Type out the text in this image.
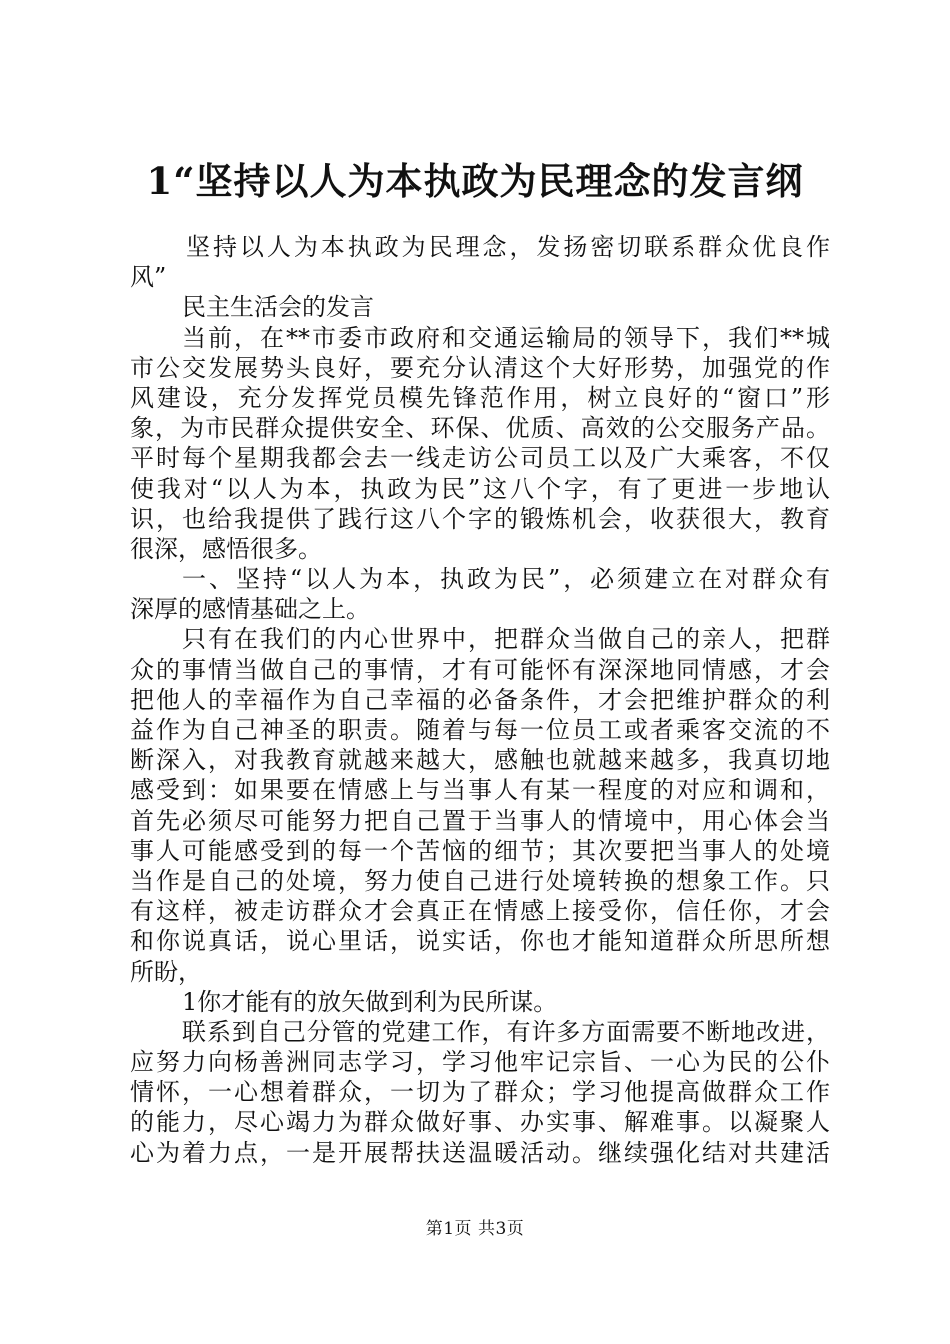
1“坚持以人为本执政为民理念的发言纲
坚持以人为本执政为民理念，发扬密切联系群众优良作
风”
民主生活会的发言
当前，在**市委市政府和交通运输局的领导下，我们**城
市公交发展势头良好，要充分认清这个大好形势，加强党的作
风建设，充分发挥党员模先锋范作用，树立良好的“窗口”形
象，为市民群众提供安全、环保、优质、高效的公交服务产品。
平时每个星期我都会去一线走访公司员工以及广大乘客，不仅
使我对“以人为本，执政为民”这八个字，有了更进一步地认
识，也给我提供了践行这八个字的锻炼机会，收获很大，教育
很深，感悟很多。
一、坚持“以人为本，执政为民”，必须建立在对群众有
深厚的感情基础之上。
只有在我们的内心世界中，把群众当做自己的亲人，把群
众的事情当做自己的事情，才有可能怀有深深地同情感，才会
把他人的幸福作为自己幸福的必备条件，才会把维护群众的利
益作为自己神圣的职责。随着与每一位员工或者乘客交流的不
断深入，对我教育就越来越大，感触也就越来越多，我真切地
感受到：如果要在情感上与当事人有某一程度的对应和调和，
首先必须尽可能努力把自己置于当事人的情境中，用心体会当
事人可能感受到的每一个苦恼的细节；其次要把当事人的处境
当作是自己的处境，努力使自己进行处境转换的想象工作。只
有这样，被走访群众才会真正在情感上接受你，信任你，才会
和你说真话，说心里话，说实话，你也才能知道群众所思所想
所盼，
1你才能有的放矢做到利为民所谋。
联系到自己分管的党建工作，有许多方面需要不断地改进，
应努力向杨善洲同志学习，学习他牢记宗旨、一心为民的公仆
情怀，一心想着群众，一切为了群众；学习他提高做群众工作
的能力，尽心竭力为群众做好事、办实事、解难事。以凝聚人
心为着力点，一是开展帮扶送温暖活动。继续强化结对共建活
第1页 共3页
